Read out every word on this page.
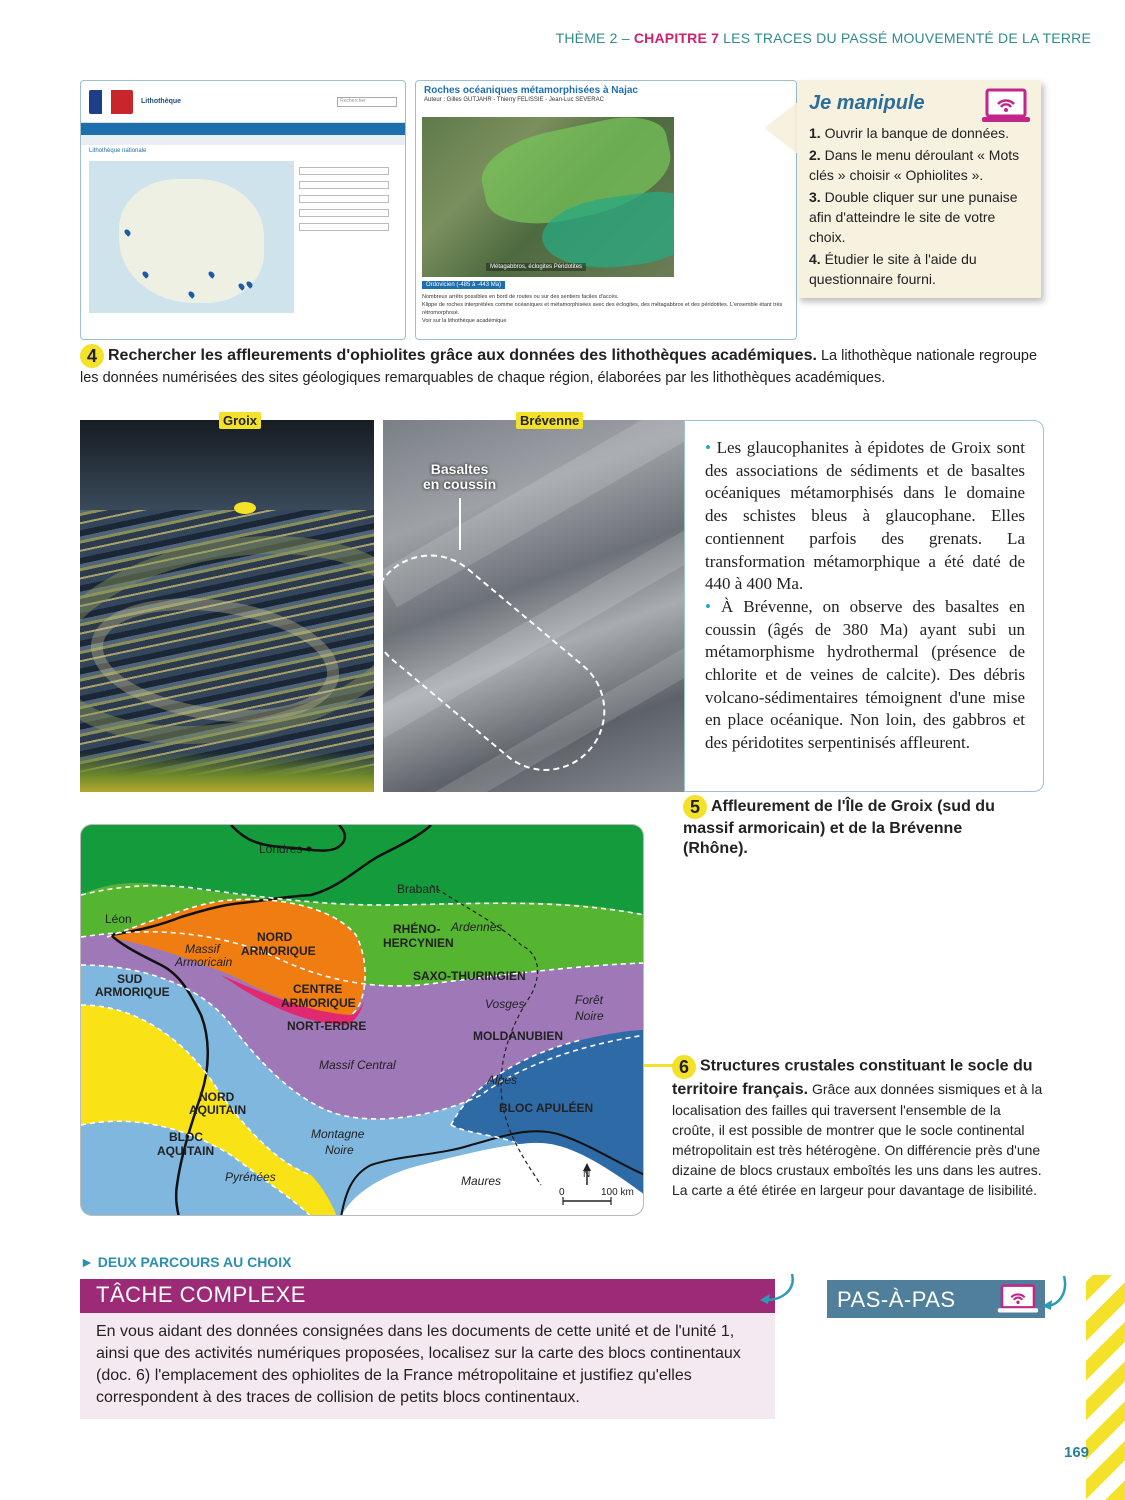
THÈME 2 – CHAPITRE 7 LES TRACES DU PASSÉ MOUVEMENTÉ DE LA TERRE
Lithothèque	Rechercher
Lithothèque nationale
Roches océaniques métamorphisées à Najac
Auteur : Gilles GUTJAHR - Thierry FELISSIE - Jean-Luc SEVERAC
Métagabbros, éclogites Péridotites
Ordovicien (-485 à -443 Ma)
Nombreux arrêts possibles en bord de routes ou sur des sentiers faciles d'accès.
Klippe de roches interprétées comme océaniques et métamorphisées avec des éclogites, des métagabbros et des péridotites. L'ensemble étant très rétromorphosé.
Voir sur la lithothèque académique
Je manipule
1. Ouvrir la banque de données.
2. Dans le menu déroulant « Mots clés » choisir « Ophiolites ».
3. Double cliquer sur une punaise afin d'atteindre le site de votre choix.
4. Étudier le site à l'aide du questionnaire fourni.
4 Rechercher les affleurements d'ophiolites grâce aux données des lithothèques académiques. La lithothèque nationale regroupe les données numérisées des sites géologiques remarquables de chaque région, élaborées par les lithothèques académiques.
Groix
Basaltes
en coussin
Brévenne

• Les glaucophanites à épidotes de Groix sont des associations de sédiments et de basaltes océaniques métamorphisés dans le domaine des schistes bleus à glaucophane. Elles contiennent parfois des grenats. La transformation métamorphique a été daté de 440 à 400 Ma.

• À Brévenne, on observe des basaltes en coussin (âgés de 380 Ma) ayant subi un métamorphisme hydrothermal (présence de chlorite et de veines de calcite). Des débris volcano-sédimentaires témoignent d'une mise en place océanique. Non loin, des gabbros et des péridotites serpentinisés affleurent.

5 Affleurement de l'Île de Groix (sud du massif armoricain) et de la Brévenne (Rhône).
Londres
Brabant
Léon
Ardennes
RHÉNO-
HERCYNIEN
Massif
Armoricain
NORD
ARMORIQUE
SUD
ARMORIQUE	CENTRE
ARMORIQUE
NORT-ERDRE
SAXO-THURINGIEN
Vosges	Forêt
Noire
MOLDANUBIEN
Massif Central
Alpes
BLOC APULÉEN
NORD
AQUITAIN
BLOC
AQUITAIN
Montagne
Noire
Pyrénées	Maures	N
0	100 km
6 Structures crustales constituant le socle du territoire français. Grâce aux données sismiques et à la localisation des failles qui traversent l'ensemble de la croûte, il est possible de montrer que le socle continental métropolitain est très hétérogène. On différencie près d'une dizaine de blocs crustaux emboîtés les uns dans les autres. La carte a été étirée en largeur pour davantage de lisibilité.
► DEUX PARCOURS AU CHOIX
TÂCHE COMPLEXE
En vous aidant des données consignées dans les documents de cette unité et de l'unité 1, ainsi que des activités numériques proposées, localisez sur la carte des blocs continentaux (doc. 6) l'emplacement des ophiolites de la France métropolitaine et justifiez qu'elles correspondent à des traces de collision de petits blocs continentaux.
PAS-À-PAS
169
